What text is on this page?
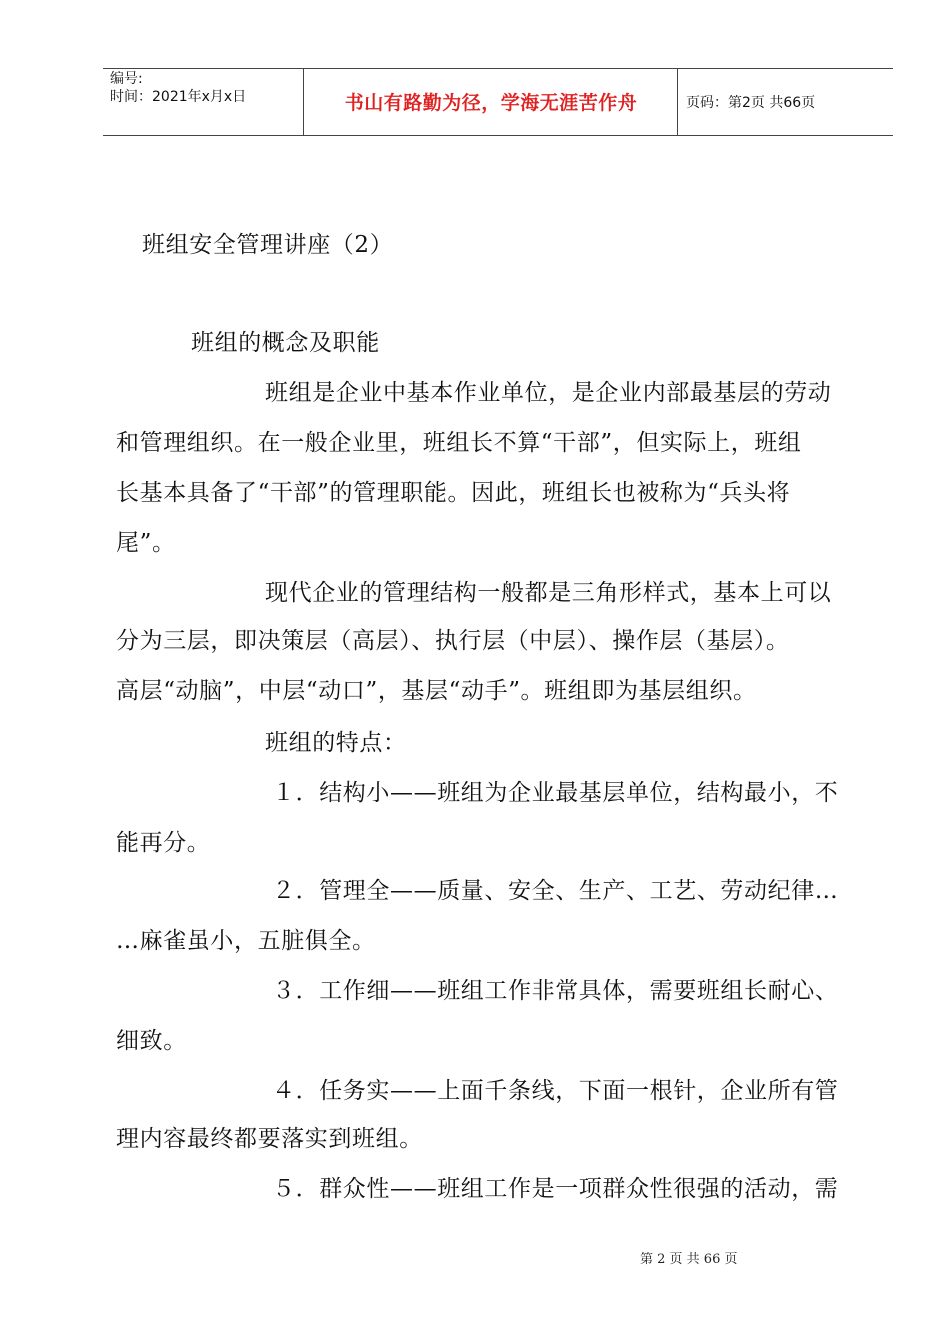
编号:
时间：2021年x月x日	书山有路勤为径，学海无涯苦作舟	页码：第2页 共66页
班组安全管理讲座（2）
班组的概念及职能
班组是企业中基本作业单位，是企业内部最基层的劳动
和管理组织。在一般企业里，班组长不算“干部”，但实际上，班组
长基本具备了“干部”的管理职能。因此，班组长也被称为“兵头将
尾”。
现代企业的管理结构一般都是三角形样式，基本上可以
分为三层，即决策层（高层）、执行层（中层）、操作层（基层）。
高层“动脑”，中层“动口”，基层“动手”。班组即为基层组织。
班组的特点：
１．结构小——班组为企业最基层单位，结构最小，不
能再分。
２．管理全——质量、安全、生产、工艺、劳动纪律…
…麻雀虽小，五脏俱全。
３．工作细——班组工作非常具体，需要班组长耐心、
细致。
４．任务实——上面千条线，下面一根针，企业所有管
理内容最终都要落实到班组。
５．群众性——班组工作是一项群众性很强的活动，需
第 2 页 共 66 页
